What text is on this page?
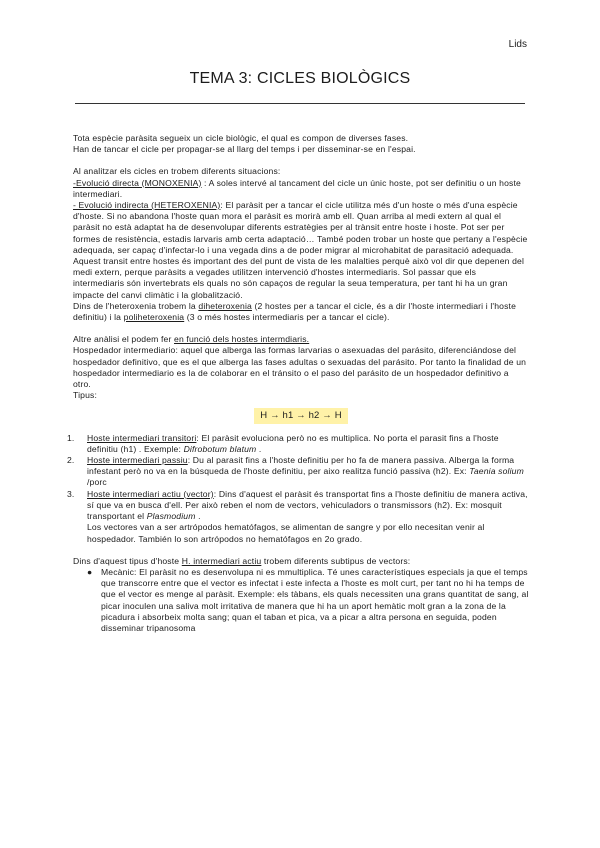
Lids
TEMA 3: CICLES BIOLÒGICS

Tota espècie paràsita segueix un cicle biològic, el qual es compon de diverses fases.

Han de tancar el cicle per propagar-se al llarg del temps i per disseminar-se en l'espai.

Al analitzar els cicles en trobem diferents situacions:

-Evolució directa (MONOXENIA) : A soles intervé al tancament del cicle un únic hoste, pot ser definitiu o un hoste intermediari.

- Evolució indirecta (HETEROXENIA): El paràsit per a tancar el cicle utilitza més d'un hoste o més d'una espècie d'hoste. Si no abandona l'hoste quan mora el paràsit es morirà amb ell. Quan arriba al medi extern al qual el paràsit no està adaptat ha de desenvolupar diferents estratègies per al trànsit entre hoste i hoste. Pot ser per formes de resistència, estadis larvaris amb certa adaptació… També poden trobar un hoste que pertany a l'espècie adequada, ser capaç d'infectar-lo i una vegada dins a de poder migrar al microhabitat de parasitació adequada.

Aquest transit entre hostes és important des del punt de vista de les malalties perquè això vol dir que depenen del medi extern, perque paràsits a vegades utilitzen intervenció d'hostes intermediaris. Sol passar que els intermediaris són invertebrats els quals no són capaços de regular la seua temperatura, per tant hi ha un gran impacte del canvi climàtic i la globalització.

Dins de l'heteroxenia trobem la diheteroxenia (2 hostes per a tancar el cicle, és a dir l'hoste intermediari i l'hoste definitiu) i la poliheteroxenia (3 o més hostes intermediaris per a tancar el cicle).

Altre anàlisi el podem fer en funció dels hostes intermdiaris.

Hospedador intermediario: aquel que alberga las formas larvarias o asexuadas del parásito, diferenciándose del hospedador definitivo, que es el que alberga las fases adultas o sexuadas del parásito. Por tanto la finalidad de un hospedador intermediario es la de colaborar en el tránsito o el paso del parásito de un hospedador definitivo a otro.

Tipus:

H → h1 → h2 → H
1. Hoste intermediari transitori: El paràsit evoluciona però no es multiplica. No porta el parasit fins a l'hoste definitiu (h1) . Exemple: Difrobotum blatum .
2. Hoste intermediari passiu: Du al parasit fins a l'hoste definitiu per ho fa de manera passiva. Alberga la forma infestant però no va en la búsqueda de l'hoste definitiu, per aixo realitza funció passiva (h2). Ex: Taenia solium /porc
3. Hoste intermediari actiu (vector): Dins d'aquest el paràsit és transportat fins a l'hoste definitiu de manera activa, sí que va en busca d'ell. Per això reben el nom de vectors, vehiculadors o transmissors (h2). Ex: mosquit transportant el Plasmodium .
Los vectores van a ser artrópodos hematófagos, se alimentan de sangre y por ello necesitan venir al hospedador. También lo son artrópodos no hematófagos en 2o grado.

Dins d'aquest tipus d'hoste H. intermediari actiu trobem diferents subtipus de vectors:

● Mecànic: El paràsit no es desenvolupa ni es mmultiplica. Té unes característiques especials ja que el temps que transcorre entre que el vector es infectat i este infecta a l'hoste es molt curt, per tant no hi ha temps de que el vector es menge al paràsit. Exemple: els tàbans, els quals necessiten una grans quantitat de sang, al picar inoculen una saliva molt irritativa de manera que hi ha un aport hemàtic molt gran a la zona de la picadura i absorbeix molta sang; quan el taban et pica, va a picar a altra persona en seguida, poden disseminar tripanosoma
